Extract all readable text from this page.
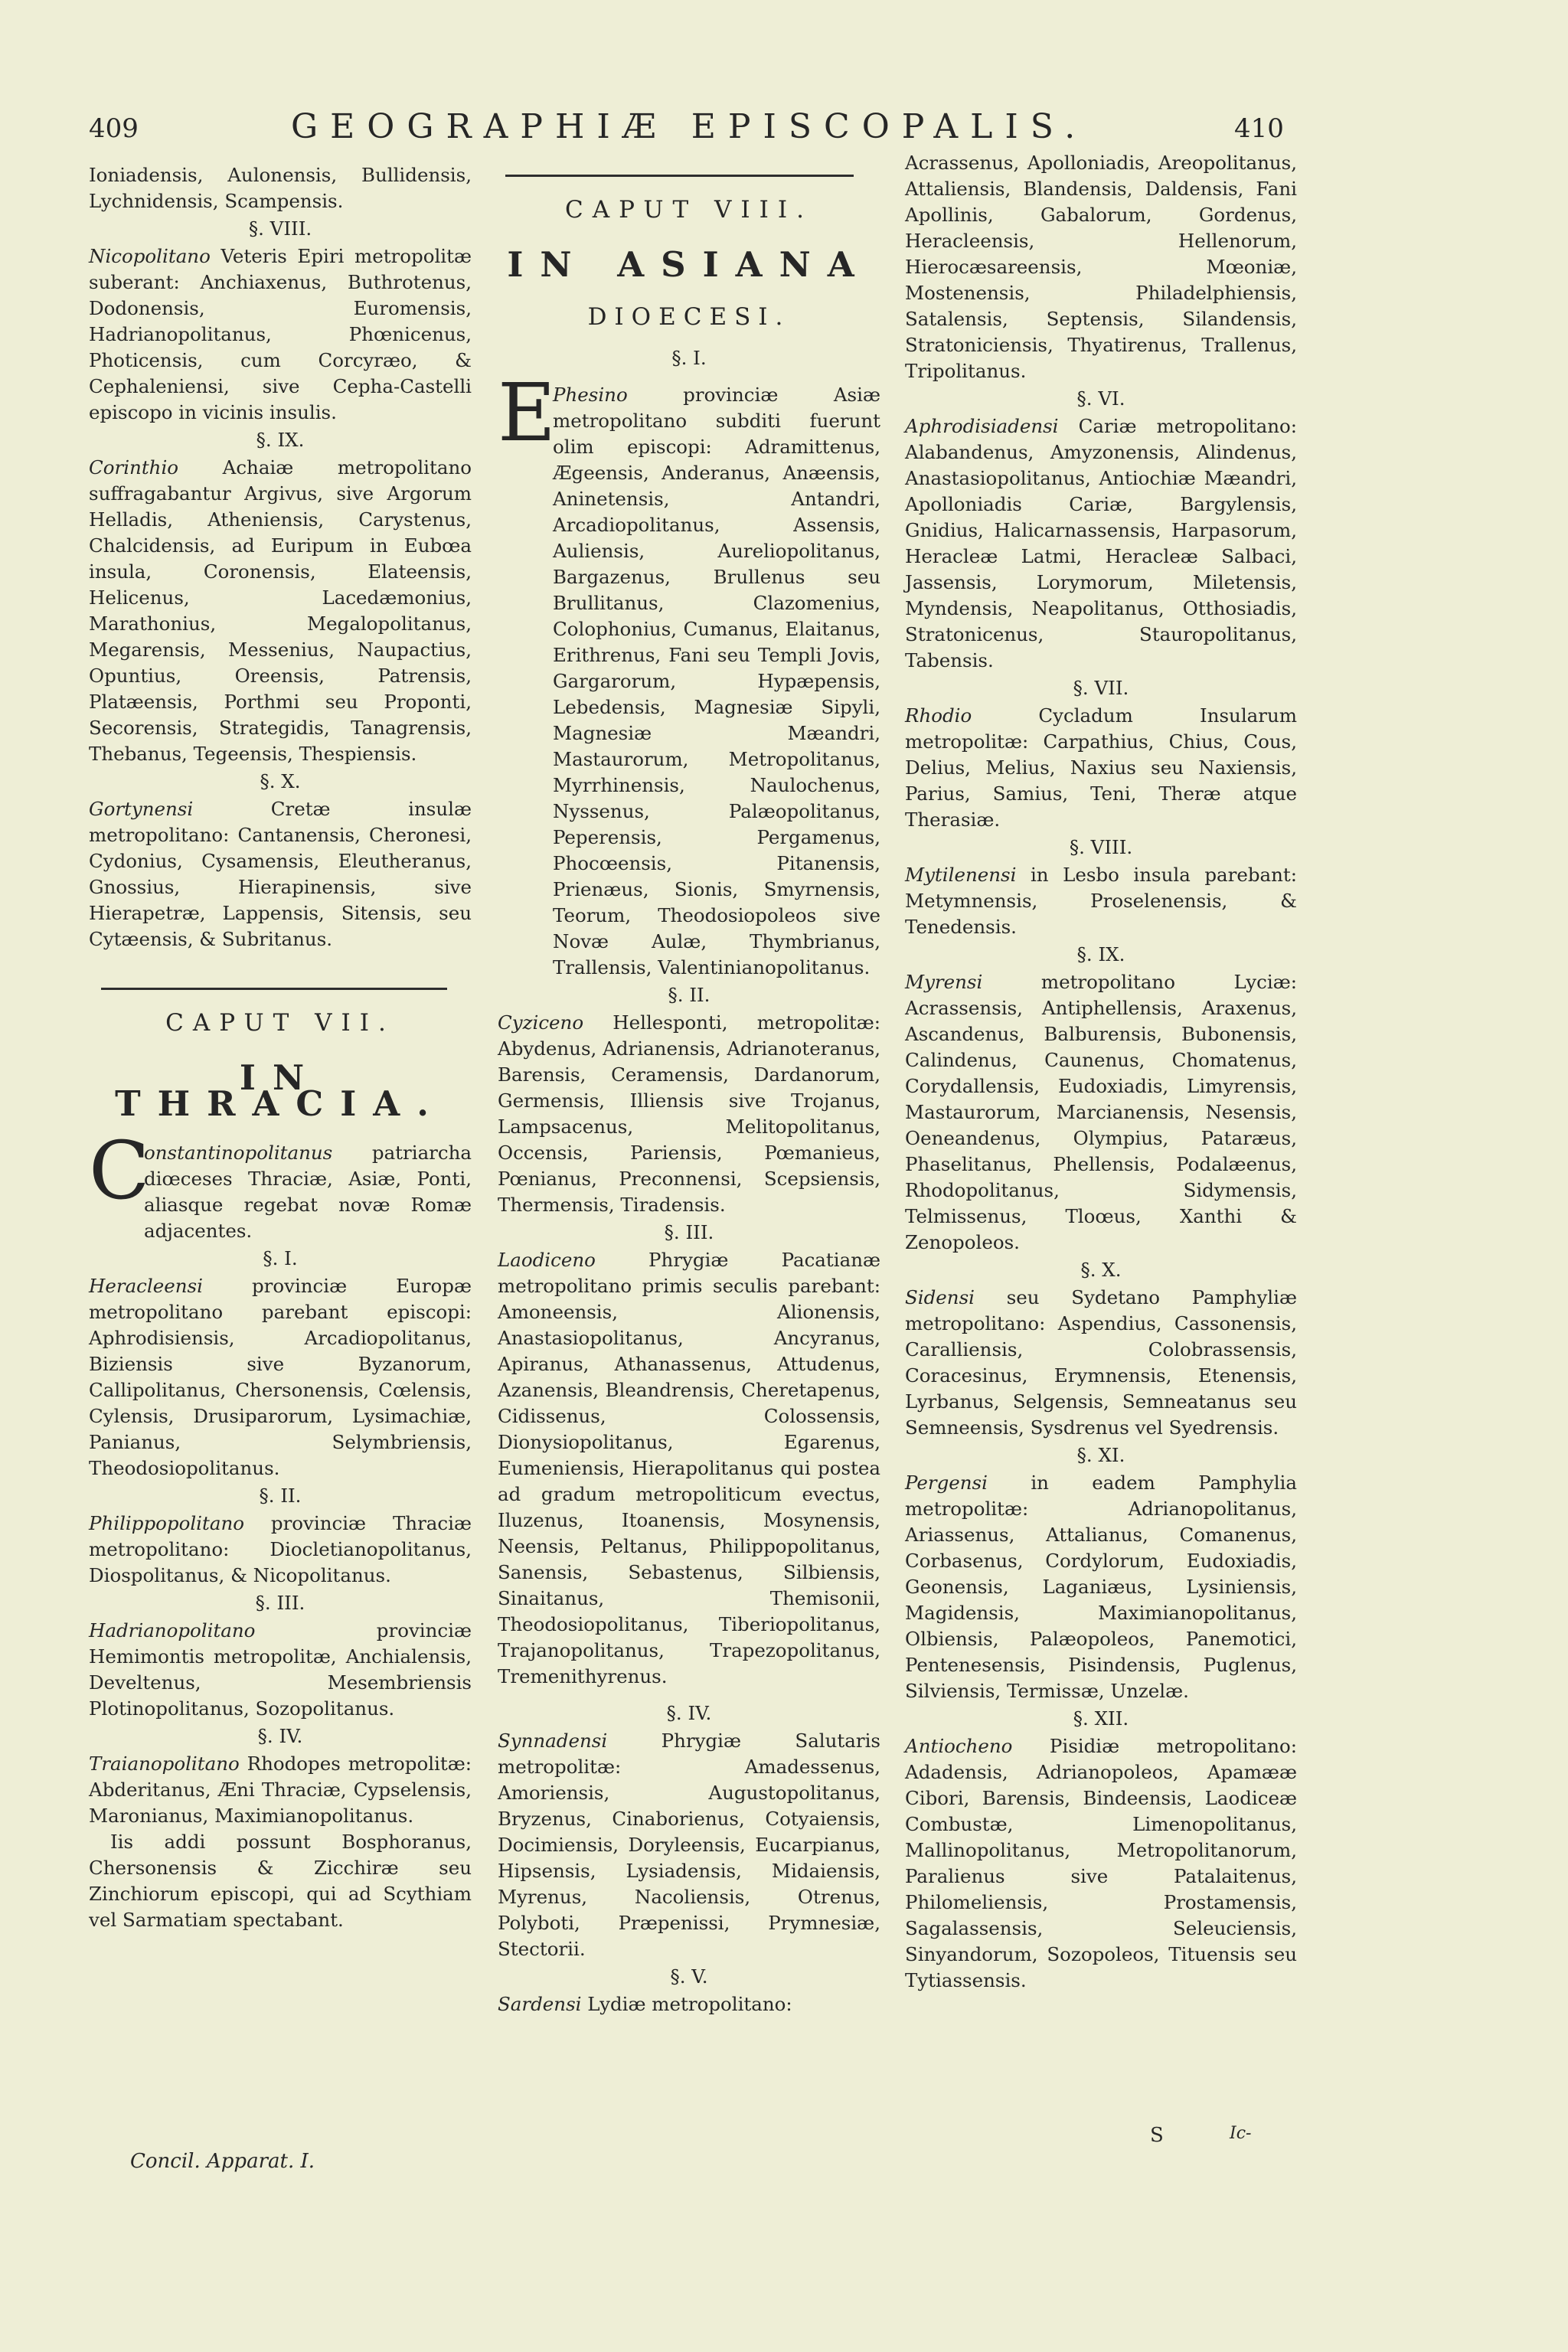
409	GEOGRAPHIÆ EPISCOPALIS.	410

Ioniadensis, Aulonensis, Bullidensis, Lychnidensis, Scampensis.

§. VIII.

Nicopolitano Veteris Epiri metropolitæ suberant: Anchiaxenus, Buthrotenus, Dodonensis, Euromensis, Hadrianopolitanus, Phœnicenus, Photicensis, cum Corcyræo, & Cephaleniensi, sive Cepha-Castelli episcopo in vicinis insulis.

§. IX.

Corinthio Achaiæ metropolitano suffragabantur Argivus, sive Argorum Helladis, Atheniensis, Carystenus, Chalcidensis, ad Euripum in Eubœa insula, Coronensis, Elateensis, Helicenus, Lacedæmonius, Marathonius, Megalopolitanus, Megarensis, Messenius, Naupactius, Opuntius, Oreensis, Patrensis, Platæensis, Porthmi seu Proponti, Secorensis, Strategidis, Tanagrensis, Thebanus, Tegeensis, Thespiensis.

§. X.

Gortynensi Cretæ insulæ metropolitano: Cantanensis, Cheronesi, Cydonius, Cysamensis, Eleutheranus, Gnossius, Hierapinensis, sive Hierapetræ, Lappensis, Sitensis, seu Cytæensis, & Subritanus.

CAPUT VII.
IN THRACIA.

C
onstantinopolitanus patriarcha diœceses Thraciæ, Asiæ, Ponti, aliasque regebat novæ Romæ adjacentes.

§. I.

Heracleensi provinciæ Europæ metropolitano parebant episcopi: Aphrodisiensis, Arcadiopolitanus, Biziensis sive Byzanorum, Callipolitanus, Chersonensis, Cœlensis, Cylensis, Drusiparorum, Lysimachiæ, Panianus, Selymbriensis, Theodosiopolitanus.

§. II.

Philippopolitano provinciæ Thraciæ metropolitano: Diocletianopolitanus, Diospolitanus, & Nicopolitanus.

§. III.

Hadrianopolitano provinciæ Hemimontis metropolitæ, Anchialensis, Develtenus, Mesembriensis Plotinopolitanus, Sozopolitanus.

§. IV.

Traianopolitano Rhodopes metropolitæ: Abderitanus, Æni Thraciæ, Cypselensis, Maronianus, Maximianopolitanus.

Iis addi possunt Bosphoranus, Chersonensis & Zicchiræ seu Zinchiorum episcopi, qui ad Scythiam vel Sarmatiam spectabant.

CAPUT VIII.
IN ASIANA
DIOECESI.
§. I.

E
Phesino provinciæ Asiæ metropolitano subditi fuerunt olim episcopi: Adramittenus, Ægeensis, Anderanus, Anæensis, Aninetensis, Antandri, Arcadiopolitanus, Assensis, Auliensis, Aureliopolitanus, Bargazenus, Brullenus seu Brullitanus, Clazomenius, Colophonius, Cumanus, Elaitanus, Erithrenus, Fani seu Templi Jovis, Gargarorum, Hypæpensis, Lebedensis, Magnesiæ Sipyli, Magnesiæ Mæandri, Mastaurorum, Metropolitanus, Myrrhinensis, Naulochenus, Nyssenus, Palæopolitanus, Peperensis, Pergamenus, Phocœensis, Pitanensis, Prienæus, Sionis, Smyrnensis, Teorum, Theodosiopoleos sive Novæ Aulæ, Thymbrianus, Trallensis, Valentinianopolitanus.

§. II.

Cyziceno Hellesponti, metropolitæ: Abydenus, Adrianensis, Adrianoteranus, Barensis, Ceramensis, Dardanorum, Germensis, Illiensis sive Trojanus, Lampsacenus, Melitopolitanus, Occensis, Pariensis, Pœmanieus, Pœnianus, Preconnensi, Scepsiensis, Thermensis, Tiradensis.

§. III.

Laodiceno Phrygiæ Pacatianæ metropolitano primis seculis parebant: Amoneensis, Alionensis, Anastasiopolitanus, Ancyranus, Apiranus, Athanassenus, Attudenus, Azanensis, Bleandrensis, Cheretapenus, Cidissenus, Colossensis, Dionysiopolitanus, Egarenus, Eumeniensis, Hierapolitanus qui postea ad gradum metropoliticum evectus, Iluzenus, Itoanensis, Mosynensis, Neensis, Peltanus, Philippopolitanus, Sanensis, Sebastenus, Silbiensis, Sinaitanus, Themisonii, Theodosiopolitanus, Tiberiopolitanus, Trajanopolitanus, Trapezopolitanus, Tremenithyrenus.

§. IV.

Synnadensi Phrygiæ Salutaris metropolitæ: Amadessenus, Amoriensis, Augustopolitanus, Bryzenus, Cinaborienus, Cotyaiensis, Docimiensis, Doryleensis, Eucarpianus, Hipsensis, Lysiadensis, Midaiensis, Myrenus, Nacoliensis, Otrenus, Polyboti, Præpenissi, Prymnesiæ, Stectorii.

§. V.

Sardensi Lydiæ metropolitano:

Acrassenus, Apolloniadis, Areopolitanus, Attaliensis, Blandensis, Daldensis, Fani Apollinis, Gabalorum, Gordenus, Heracleensis, Hellenorum, Hierocæsareensis, Mœoniæ, Mostenensis, Philadelphiensis, Satalensis, Septensis, Silandensis, Stratoniciensis, Thyatirenus, Trallenus, Tripolitanus.

§. VI.

Aphrodisiadensi Cariæ metropolitano: Alabandenus, Amyzonensis, Alindenus, Anastasiopolitanus, Antiochiæ Mæandri, Apolloniadis Cariæ, Bargylensis, Gnidius, Halicarnassensis, Harpasorum, Heracleæ Latmi, Heracleæ Salbaci, Jassensis, Lorymorum, Miletensis, Myndensis, Neapolitanus, Otthosiadis, Stratonicenus, Stauropolitanus, Tabensis.

§. VII.

Rhodio Cycladum Insularum metropolitæ: Carpathius, Chius, Cous, Delius, Melius, Naxius seu Naxiensis, Parius, Samius, Teni, Theræ atque Therasiæ.

§. VIII.

Mytilenensi in Lesbo insula parebant: Metymnensis, Proselenensis, & Tenedensis.

§. IX.

Myrensi metropolitano Lyciæ: Acrassensis, Antiphellensis, Araxenus, Ascandenus, Balburensis, Bubonensis, Calindenus, Caunenus, Chomatenus, Corydallensis, Eudoxiadis, Limyrensis, Mastaurorum, Marcianensis, Nesensis, Oeneandenus, Olympius, Pataræus, Phaselitanus, Phellensis, Podalæenus, Rhodopolitanus, Sidymensis, Telmissenus, Tloœus, Xanthi & Zenopoleos.

§. X.

Sidensi seu Sydetano Pamphyliæ metropolitano: Aspendius, Cassonensis, Caralliensis, Colobrassensis, Coracesinus, Erymnensis, Etenensis, Lyrbanus, Selgensis, Semneatanus seu Semneensis, Sysdrenus vel Syedrensis.

§. XI.

Pergensi in eadem Pamphylia metropolitæ: Adrianopolitanus, Ariassenus, Attalianus, Comanenus, Corbasenus, Cordylorum, Eudoxiadis, Geonensis, Laganiæus, Lysiniensis, Magidensis, Maximianopolitanus, Olbiensis, Palæopoleos, Panemotici, Pentenesensis, Pisindensis, Puglenus, Silviensis, Termissæ, Unzelæ.

§. XII.

Antiocheno Pisidiæ metropolitano: Adadensis, Adrianopoleos, Apamææ Cibori, Barensis, Bindeensis, Laodiceæ Combustæ, Limenopolitanus, Mallinopolitanus, Metropolitanorum, Paralienus sive Patalaitenus, Philomeliensis, Prostamensis, Sagalassensis, Seleuciensis, Sinyandorum, Sozopoleos, Tituensis seu Tytiassensis.

Concil. Apparat. I.
S	Ic-
